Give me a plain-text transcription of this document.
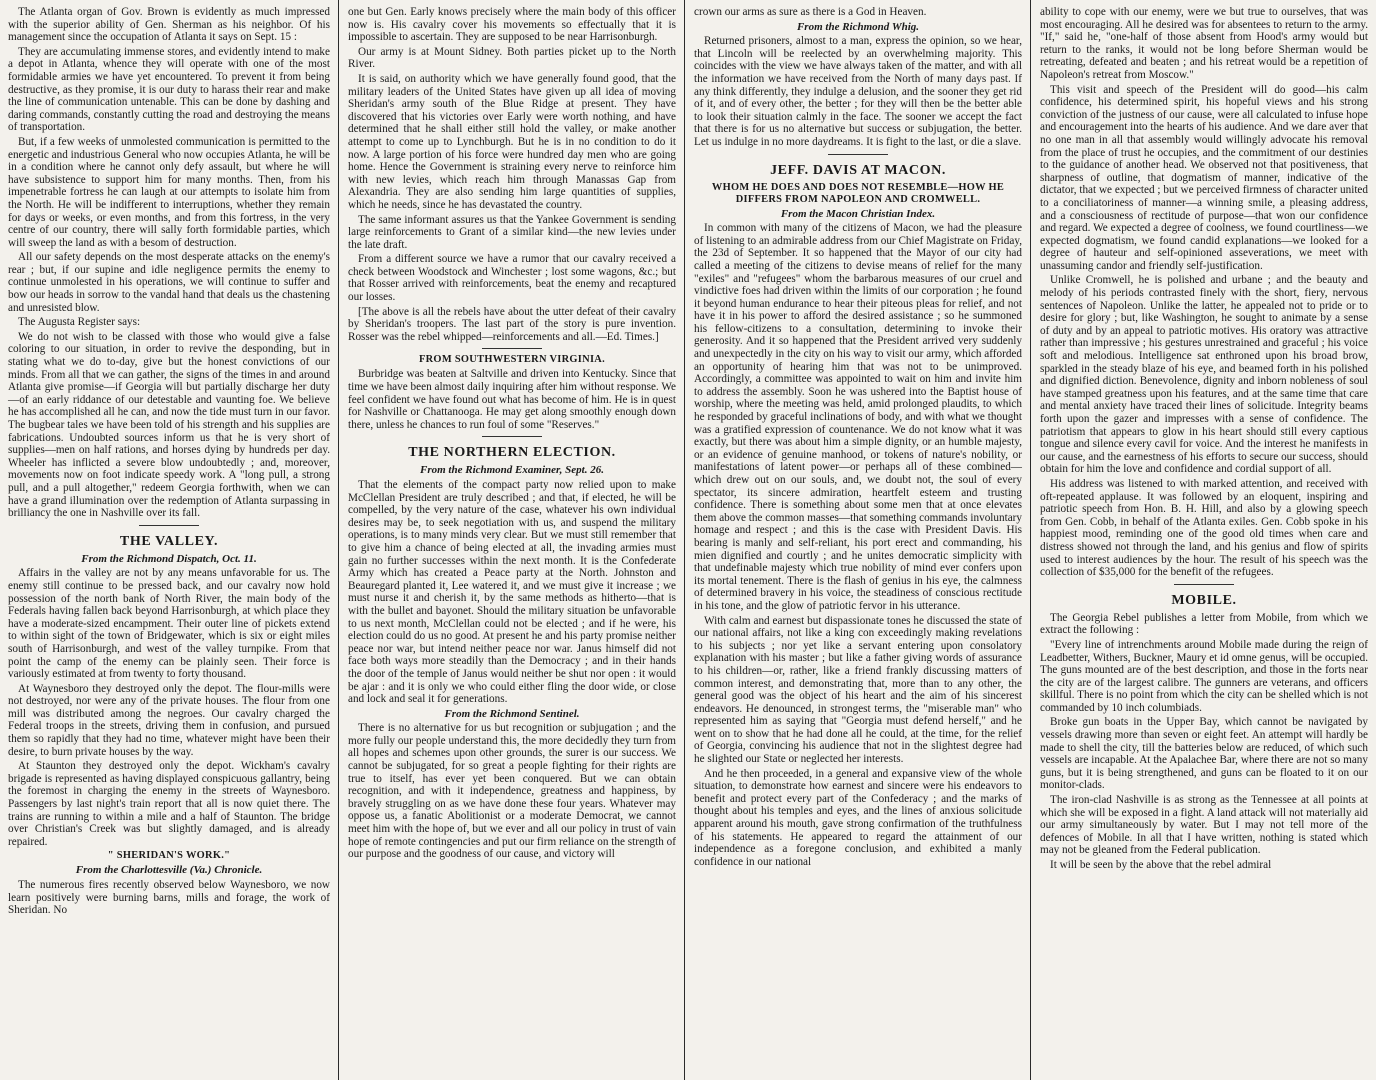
The Atlanta organ of Gov. Brown is evidently as much impressed with the superior ability of Gen. Sherman as his neighbor. Of his management since the occupation of Atlanta it says on Sept. 15 :

They are accumulating immense stores, and evidently intend to make a depot in Atlanta, whence they will operate with one of the most formidable armies we have yet encountered. To prevent it from being destructive, as they promise, it is our duty to harass their rear and make the line of communication untenable. This can be done by dashing and daring commands, constantly cutting the road and destroying the means of transportation.

But, if a few weeks of unmolested communication is permitted to the energetic and industrious General who now occupies Atlanta, he will be in a condition where he cannot only defy assault, but where he will have subsistence to support him for many months. Then, from his impenetrable fortress he can laugh at our attempts to isolate him from the North. He will be indifferent to interruptions, whether they remain for days or weeks, or even months, and from this fortress, in the very centre of our country, there will sally forth formidable parties, which will sweep the land as with a besom of destruction.

All our safety depends on the most desperate attacks on the enemy's rear ; but, if our supine and idle negligence permits the enemy to continue unmolested in his operations, we will continue to suffer and bow our heads in sorrow to the vandal hand that deals us the chastening and unresisted blow.

The Augusta Register says:

We do not wish to be classed with those who would give a false coloring to our situation, in order to revive the desponding, but in stating what we do to-day, give but the honest convictions of our minds. From all that we can gather, the signs of the times in and around Atlanta give promise—if Georgia will but partially discharge her duty—of an early riddance of our detestable and vaunting foe. We believe he has accomplished all he can, and now the tide must turn in our favor. The bugbear tales we have been told of his strength and his supplies are fabrications. Undoubted sources inform us that he is very short of supplies—men on half rations, and horses dying by hundreds per day. Wheeler has inflicted a severe blow undoubtedly ; and, moreover, movements now on foot indicate speedy work. A "long pull, a strong pull, and a pull altogether," redeem Georgia forthwith, when we can have a grand illumination over the redemption of Atlanta surpassing in brilliancy the one in Nashville over its fall.

THE VALLEY.
From the Richmond Dispatch, Oct. 11.

Affairs in the valley are not by any means unfavorable for us. The enemy still continue to be pressed back, and our cavalry now hold possession of the north bank of North River, the main body of the Federals having fallen back beyond Harrisonburgh, at which place they have a moderate-sized encampment. Their outer line of pickets extend to within sight of the town of Bridgewater, which is six or eight miles south of Harrisonburgh, and west of the valley turnpike. From that point the camp of the enemy can be plainly seen. Their force is variously estimated at from twenty to forty thousand.

At Waynesboro they destroyed only the depot. The flour-mills were not destroyed, nor were any of the private houses. The flour from one mill was distributed among the negroes. Our cavalry charged the Federal troops in the streets, driving them in confusion, and pursued them so rapidly that they had no time, whatever might have been their desire, to burn private houses by the way.

At Staunton they destroyed only the depot. Wickham's cavalry brigade is represented as having displayed conspicuous gallantry, being the foremost in charging the enemy in the streets of Waynesboro. Passengers by last night's train report that all is now quiet there. The trains are running to within a mile and a half of Staunton. The bridge over Christian's Creek was but slightly damaged, and is already repaired.

" SHERIDAN'S WORK."
From the Charlottesville (Va.) Chronicle.

The numerous fires recently observed below Waynesboro, we now learn positively were burning barns, mills and forage, the work of Sheridan. No

one but Gen. Early knows precisely where the main body of this officer now is. His cavalry cover his movements so effectually that it is impossible to ascertain. They are supposed to be near Harrisonburgh.

Our army is at Mount Sidney. Both parties picket up to the North River.

It is said, on authority which we have generally found good, that the military leaders of the United States have given up all idea of moving Sheridan's army south of the Blue Ridge at present. They have discovered that his victories over Early were worth nothing, and have determined that he shall either still hold the valley, or make another attempt to come up to Lynchburgh. But he is in no condition to do it now. A large portion of his force were hundred day men who are going home. Hence the Government is straining every nerve to reinforce him with new levies, which reach him through Manassas Gap from Alexandria. They are also sending him large quantities of supplies, which he needs, since he has devastated the country.

The same informant assures us that the Yankee Government is sending large reinforcements to Grant of a similar kind—the new levies under the late draft.

From a different source we have a rumor that our cavalry received a check between Woodstock and Winchester ; lost some wagons, &c.; but that Rosser arrived with reinforcements, beat the enemy and recaptured our losses.

[The above is all the rebels have about the utter defeat of their cavalry by Sheridan's troopers. The last part of the story is pure invention. Rosser was the rebel whipped—reinforcements and all.—Ed. Times.]

FROM SOUTHWESTERN VIRGINIA.

Burbridge was beaten at Saltville and driven into Kentucky. Since that time we have been almost daily inquiring after him without response. We feel confident we have found out what has become of him. He is in quest for Nashville or Chattanooga. He may get along smoothly enough down there, unless he chances to run foul of some "Reserves."

THE NORTHERN ELECTION.
From the Richmond Examiner, Sept. 26.

That the elements of the compact party now relied upon to make McClellan President are truly described ; and that, if elected, he will be compelled, by the very nature of the case, whatever his own individual desires may be, to seek negotiation with us, and suspend the military operations, is to many minds very clear. But we must still remember that to give him a chance of being elected at all, the invading armies must gain no further successes within the next month. It is the Confederate Army which has created a Peace party at the North. Johnston and Beauregard planted it, Lee watered it, and we must give it increase ; we must nurse it and cherish it, by the same methods as hitherto—that is with the bullet and bayonet. Should the military situation be unfavorable to us next month, McClellan could not be elected ; and if he were, his election could do us no good. At present he and his party promise neither peace nor war, but intend neither peace nor war. Janus himself did not face both ways more steadily than the Democracy ; and in their hands the door of the temple of Janus would neither be shut nor open : it would be ajar : and it is only we who could either fling the door wide, or close and lock and seal it for generations.

From the Richmond Sentinel.

There is no alternative for us but recognition or subjugation ; and the more fully our people understand this, the more decidedly they turn from all hopes and schemes upon other grounds, the surer is our success. We cannot be subjugated, for so great a people fighting for their rights are true to itself, has ever yet been conquered. But we can obtain recognition, and with it independence, greatness and happiness, by bravely struggling on as we have done these four years. Whatever may oppose us, a fanatic Abolitionist or a moderate Democrat, we cannot meet him with the hope of, but we ever and all our policy in trust of vain hope of remote contingencies and put our firm reliance on the strength of our purpose and the goodness of our cause, and victory will

crown our arms as sure as there is a God in Heaven.

From the Richmond Whig.

Returned prisoners, almost to a man, express the opinion, so we hear, that Lincoln will be reelected by an overwhelming majority. This coincides with the view we have always taken of the matter, and with all the information we have received from the North of many days past. If any think differently, they indulge a delusion, and the sooner they get rid of it, and of every other, the better ; for they will then be the better able to look their situation calmly in the face. The sooner we accept the fact that there is for us no alternative but success or subjugation, the better. Let us indulge in no more daydreams. It is fight to the last, or die a slave.

JEFF. DAVIS AT MACON.
WHOM HE DOES AND DOES NOT RESEMBLE—HOW HE DIFFERS FROM NAPOLEON AND CROMWELL.
From the Macon Christian Index.

In common with many of the citizens of Macon, we had the pleasure of listening to an admirable address from our Chief Magistrate on Friday, the 23d of September. It so happened that the Mayor of our city had called a meeting of the citizens to devise means of relief for the many "exiles" and "refugees" whom the barbarous measures of our cruel and vindictive foes had driven within the limits of our corporation ; he found it beyond human endurance to hear their piteous pleas for relief, and not have it in his power to afford the desired assistance ; so he summoned his fellow-citizens to a consultation, determining to invoke their generosity. And it so happened that the President arrived very suddenly and unexpectedly in the city on his way to visit our army, which afforded an opportunity of hearing him that was not to be unimproved. Accordingly, a committee was appointed to wait on him and invite him to address the assembly. Soon he was ushered into the Baptist house of worship, where the meeting was held, amid prolonged plaudits, to which he responded by graceful inclinations of body, and with what we thought was a gratified expression of countenance. We do not know what it was exactly, but there was about him a simple dignity, or an humble majesty, or an evidence of genuine manhood, or tokens of nature's nobility, or manifestations of latent power—or perhaps all of these combined—which drew out on our souls, and, we doubt not, the soul of every spectator, its sincere admiration, heartfelt esteem and trusting confidence. There is something about some men that at once elevates them above the common masses—that something commands involuntary homage and respect ; and this is the case with President Davis. His bearing is manly and self-reliant, his port erect and commanding, his mien dignified and courtly ; and he unites democratic simplicity with that undefinable majesty which true nobility of mind ever confers upon its mortal tenement. There is the flash of genius in his eye, the calmness of determined bravery in his voice, the steadiness of conscious rectitude in his tone, and the glow of patriotic fervor in his utterance.

With calm and earnest but dispassionate tones he discussed the state of our national affairs, not like a king con exceedingly making revelations to his subjects ; nor yet like a servant entering upon consolatory explanation with his master ; but like a father giving words of assurance to his children—or, rather, like a friend frankly discussing matters of common interest, and demonstrating that, more than to any other, the general good was the object of his heart and the aim of his sincerest endeavors. He denounced, in strongest terms, the "miserable man" who represented him as saying that "Georgia must defend herself," and he went on to show that he had done all he could, at the time, for the relief of Georgia, convincing his audience that not in the slightest degree had he slighted our State or neglected her interests.

And he then proceeded, in a general and expansive view of the whole situation, to demonstrate how earnest and sincere were his endeavors to benefit and protect every part of the Confederacy ; and the marks of thought about his temples and eyes, and the lines of anxious solicitude apparent around his mouth, gave strong confirmation of the truthfulness of his statements. He appeared to regard the attainment of our independence as a foregone conclusion, and exhibited a manly confidence in our national

ability to cope with our enemy, were we but true to ourselves, that was most encouraging. All he desired was for absentees to return to the army. "If," said he, "one-half of those absent from Hood's army would but return to the ranks, it would not be long before Sherman would be retreating, defeated and beaten ; and his retreat would be a repetition of Napoleon's retreat from Moscow."

This visit and speech of the President will do good—his calm confidence, his determined spirit, his hopeful views and his strong conviction of the justness of our cause, were all calculated to infuse hope and encouragement into the hearts of his audience. And we dare aver that no one man in all that assembly would willingly advocate his removal from the place of trust he occupies, and the commitment of our destinies to the guidance of another head. We observed not that positiveness, that sharpness of outline, that dogmatism of manner, indicative of the dictator, that we expected ; but we perceived firmness of character united to a conciliatoriness of manner—a winning smile, a pleasing address, and a consciousness of rectitude of purpose—that won our confidence and regard. We expected a degree of coolness, we found courtliness—we expected dogmatism, we found candid explanations—we looked for a degree of hauteur and self-opinioned asseverations, we meet with unassuming candor and friendly self-justification.

Unlike Cromwell, he is polished and urbane ; and the beauty and melody of his periods contrasted finely with the short, fiery, nervous sentences of Napoleon. Unlike the latter, he appealed not to pride or to desire for glory ; but, like Washington, he sought to animate by a sense of duty and by an appeal to patriotic motives. His oratory was attractive rather than impressive ; his gestures unrestrained and graceful ; his voice soft and melodious. Intelligence sat enthroned upon his broad brow, sparkled in the steady blaze of his eye, and beamed forth in his polished and dignified diction. Benevolence, dignity and inborn nobleness of soul have stamped greatness upon his features, and at the same time that care and mental anxiety have traced their lines of solicitude. Integrity beams forth upon the gazer and impresses with a sense of confidence. The patriotism that appears to glow in his heart should still every captious tongue and silence every cavil for voice. And the interest he manifests in our cause, and the earnestness of his efforts to secure our success, should obtain for him the love and confidence and cordial support of all.

His address was listened to with marked attention, and received with oft-repeated applause. It was followed by an eloquent, inspiring and patriotic speech from Hon. B. H. Hill, and also by a glowing speech from Gen. Cobb, in behalf of the Atlanta exiles. Gen. Cobb spoke in his happiest mood, reminding one of the good old times when care and distress showed not through the land, and his genius and flow of spirits used to interest audiences by the hour. The result of his speech was the collection of $35,000 for the benefit of the refugees.

MOBILE.

The Georgia Rebel publishes a letter from Mobile, from which we extract the following :

"Every line of intrenchments around Mobile made during the reign of Leadbetter, Withers, Buckner, Maury et id omne genus, will be occupied. The guns mounted are of the best description, and those in the forts near the city are of the largest calibre. The gunners are veterans, and officers skillful. There is no point from which the city can be shelled which is not commanded by 10 inch columbiads.

Broke gun boats in the Upper Bay, which cannot be navigated by vessels drawing more than seven or eight feet. An attempt will hardly be made to shell the city, till the batteries below are reduced, of which such vessels are incapable. At the Apalachee Bar, where there are not so many guns, but it is being strengthened, and guns can be floated to it on our monitor-clads.

The iron-clad Nashville is as strong as the Tennessee at all points at which she will be exposed in a fight. A land attack will not materially aid our army simultaneously by water. But I may not tell more of the defences of Mobile. In all that I have written, nothing is stated which may not be gleaned from the Federal publication.

It will be seen by the above that the rebel admiral
